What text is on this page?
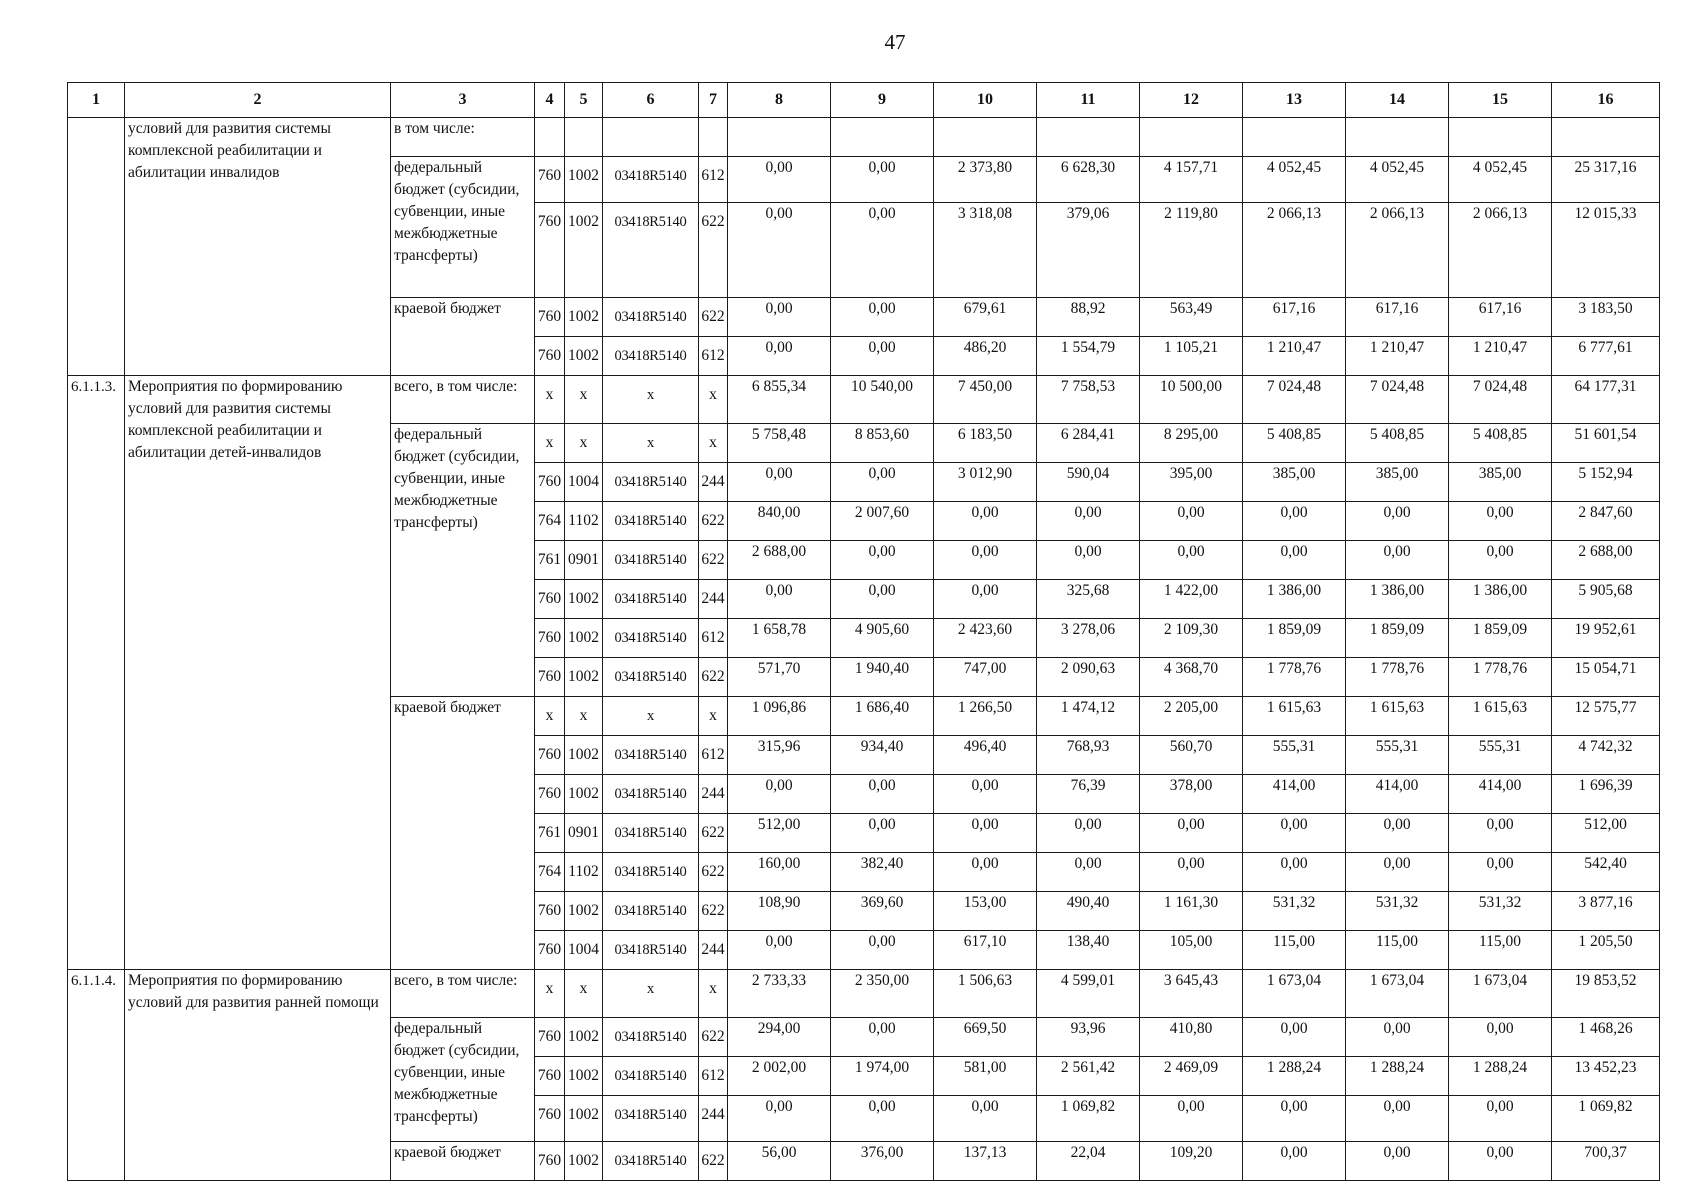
47
1	2	3	4	5	6	7	8	9	10	11	12	13	14	15	16
	условий для развития системы комплексной реабилитации и абилитации инвалидов	в том числе:													
		федеральный бюджет (субсидии, субвенции, иные межбюджетные трансферты)	760	1002	03418R5140	612	0,00	0,00	2 373,80	6 628,30	4 157,71	4 052,45	4 052,45	4 052,45	25 317,16
			760	1002	03418R5140	622	0,00	0,00	3 318,08	379,06	2 119,80	2 066,13	2 066,13	2 066,13	12 015,33
		краевой бюджет	760	1002	03418R5140	622	0,00	0,00	679,61	88,92	563,49	617,16	617,16	617,16	3 183,50
			760	1002	03418R5140	612	0,00	0,00	486,20	1 554,79	1 105,21	1 210,47	1 210,47	1 210,47	6 777,61
6.1.1.3.	Мероприятия по формированию условий для развития системы комплексной реабилитации и абилитации детей-инвалидов	всего, в том числе:	x	x	x	x	6 855,34	10 540,00	7 450,00	7 758,53	10 500,00	7 024,48	7 024,48	7 024,48	64 177,31
		федеральный бюджет (субсидии, субвенции, иные межбюджетные трансферты)	x	x	x	x	5 758,48	8 853,60	6 183,50	6 284,41	8 295,00	5 408,85	5 408,85	5 408,85	51 601,54
			760	1004	03418R5140	244	0,00	0,00	3 012,90	590,04	395,00	385,00	385,00	385,00	5 152,94
			764	1102	03418R5140	622	840,00	2 007,60	0,00	0,00	0,00	0,00	0,00	0,00	2 847,60
			761	0901	03418R5140	622	2 688,00	0,00	0,00	0,00	0,00	0,00	0,00	0,00	2 688,00
			760	1002	03418R5140	244	0,00	0,00	0,00	325,68	1 422,00	1 386,00	1 386,00	1 386,00	5 905,68
			760	1002	03418R5140	612	1 658,78	4 905,60	2 423,60	3 278,06	2 109,30	1 859,09	1 859,09	1 859,09	19 952,61
			760	1002	03418R5140	622	571,70	1 940,40	747,00	2 090,63	4 368,70	1 778,76	1 778,76	1 778,76	15 054,71
		краевой бюджет	x	x	x	x	1 096,86	1 686,40	1 266,50	1 474,12	2 205,00	1 615,63	1 615,63	1 615,63	12 575,77
			760	1002	03418R5140	612	315,96	934,40	496,40	768,93	560,70	555,31	555,31	555,31	4 742,32
			760	1002	03418R5140	244	0,00	0,00	0,00	76,39	378,00	414,00	414,00	414,00	1 696,39
			761	0901	03418R5140	622	512,00	0,00	0,00	0,00	0,00	0,00	0,00	0,00	512,00
			764	1102	03418R5140	622	160,00	382,40	0,00	0,00	0,00	0,00	0,00	0,00	542,40
			760	1002	03418R5140	622	108,90	369,60	153,00	490,40	1 161,30	531,32	531,32	531,32	3 877,16
			760	1004	03418R5140	244	0,00	0,00	617,10	138,40	105,00	115,00	115,00	115,00	1 205,50
6.1.1.4.	Мероприятия по формированию условий для развития ранней помощи	всего, в том числе:	x	x	x	x	2 733,33	2 350,00	1 506,63	4 599,01	3 645,43	1 673,04	1 673,04	1 673,04	19 853,52
		федеральный бюджет (субсидии, субвенции, иные межбюджетные трансферты)	760	1002	03418R5140	622	294,00	0,00	669,50	93,96	410,80	0,00	0,00	0,00	1 468,26
			760	1002	03418R5140	612	2 002,00	1 974,00	581,00	2 561,42	2 469,09	1 288,24	1 288,24	1 288,24	13 452,23
			760	1002	03418R5140	244	0,00	0,00	0,00	1 069,82	0,00	0,00	0,00	0,00	1 069,82
		краевой бюджет	760	1002	03418R5140	622	56,00	376,00	137,13	22,04	109,20	0,00	0,00	0,00	700,37
